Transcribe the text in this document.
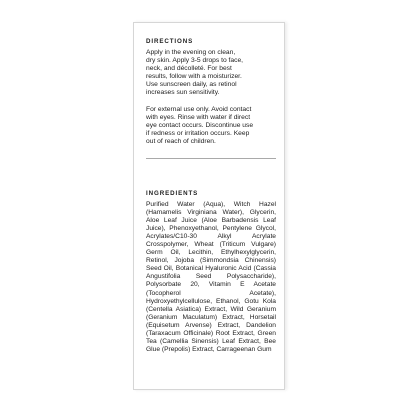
DIRECTIONS

Apply in the evening on clean,
dry skin. Apply 3-5 drops to face,
neck, and décolleté. For best
results, follow with a moisturizer.
Use sunscreen daily, as retinol
increases sun sensitivity.

For external use only. Avoid contact
with eyes. Rinse with water if direct
eye contact occurs. Discontinue use
if redness or irritation occurs. Keep
out of reach of children.

INGREDIENTS

Purified Water (Aqua), Witch Hazel (Hamamelis Virginiana Water), Glycerin, Aloe Leaf Juice (Aloe Barbadensis Leaf Juice), Phenoxyethanol, Pentylene Glycol, Acrylates/C10-30 Alkyl Acrylate Crosspolymer, Wheat (Triticum Vulgare) Germ Oil, Lecithin, Ethylhexylglycerin, Retinol, Jojoba (Simmondsia Chinensis) Seed Oil, Botanical Hyaluronic Acid (Cassia Angustifolia Seed Polysaccharide), Polysorbate 20, Vitamin E Acetate (Tocopherol Acetate), Hydroxyethylcellulose, Ethanol, Gotu Kola (Centella Asiatica) Extract, Wild Geranium (Geranium Maculatum) Extract, Horsetail (Equisetum Arvense) Extract, Dandelion (Taraxacum Officinale) Root Extract, Green Tea (Camellia Sinensis) Leaf Extract, Bee Glue (Prepolis) Extract, Carrageenan Gum
